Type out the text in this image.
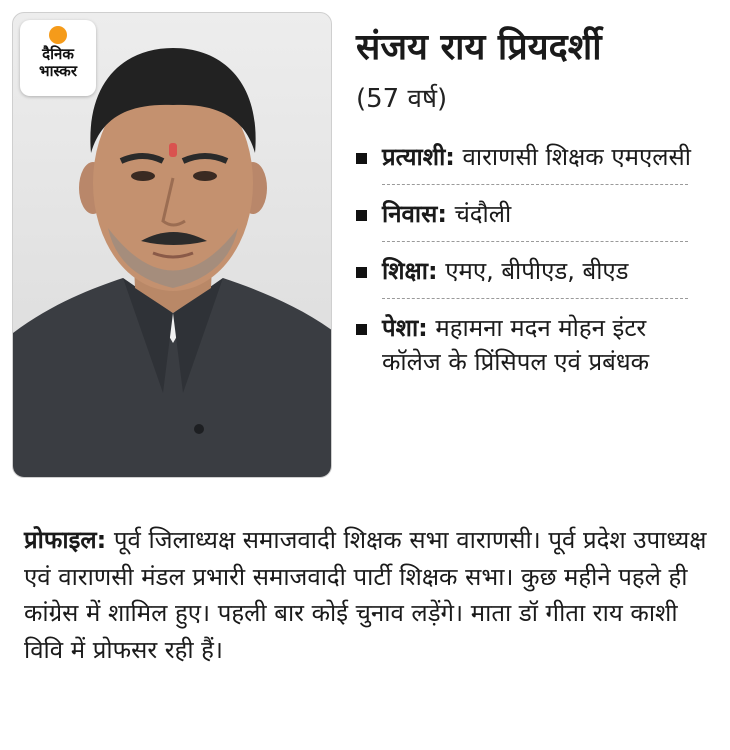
दैनिक
भास्कर
संजय राय प्रियदर्शी
(57 वर्ष)
प्रत्याशी: वाराणसी शिक्षक एमएलसी
निवास: चंदौली
शिक्षा: एमए, बीपीएड, बीएड
पेशा: महामना मदन मोहन इंटर कॉलेज के प्रिंसिपल एवं प्रबंधक
प्रोफाइल: पूर्व जिलाध्यक्ष समाजवादी शिक्षक सभा वाराणसी। पूर्व प्रदेश उपाध्यक्ष एवं वाराणसी मंडल प्रभारी समाजवादी पार्टी शिक्षक सभा। कुछ महीने पहले ही कांग्रेस में शामिल हुए। पहली बार कोई चुनाव लड़ेंगे। माता डॉ गीता राय काशी विवि में प्रोफसर रही हैं।
